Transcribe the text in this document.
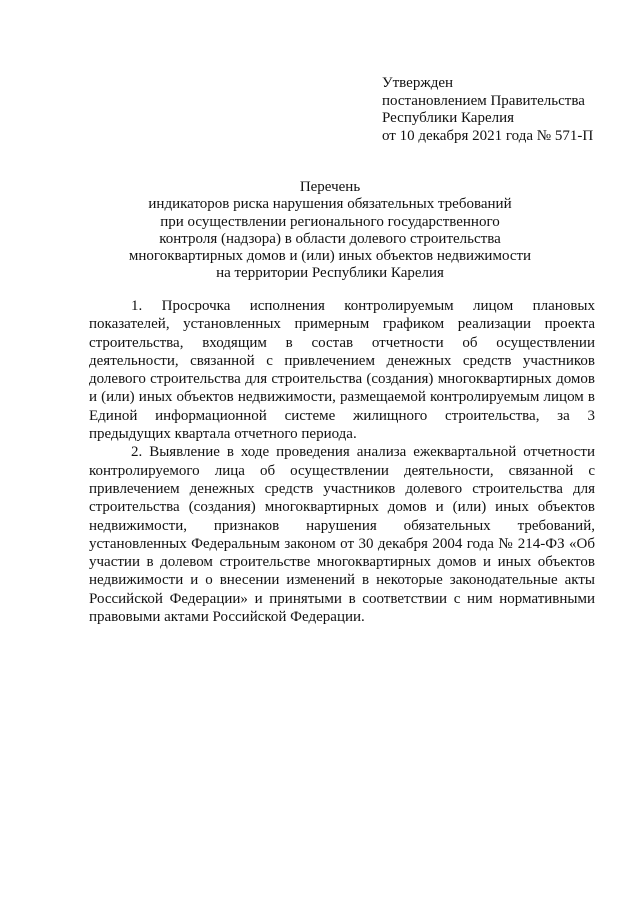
Утвержден
постановлением Правительства
Республики Карелия
от 10 декабря 2021 года № 571-П
Перечень
индикаторов риска нарушения обязательных требований
при осуществлении регионального государственного
контроля (надзора) в области долевого строительства
многоквартирных домов и (или) иных объектов недвижимости
на территории Республики Карелия

1. Просрочка исполнения контролируемым лицом плановых показателей, установленных примерным графиком реализации проекта строительства, входящим в состав отчетности об осуществлении деятельности, связанной с привлечением денежных средств участников долевого строительства для строительства (создания) многоквартирных домов и (или) иных объектов недвижимости, размещаемой контролируемым лицом в Единой информационной системе жилищного строительства, за 3 предыдущих квартала отчетного периода.

2. Выявление в ходе проведения анализа ежеквартальной отчетности контролируемого лица об осуществлении деятельности, связанной с привлечением денежных средств участников долевого строительства для строительства (создания) многоквартирных домов и (или) иных объектов недвижимости, признаков нарушения обязательных требований, установленных Федеральным законом от 30 декабря 2004 года № 214-ФЗ «Об участии в долевом строительстве многоквартирных домов и иных объектов недвижимости и о внесении изменений в некоторые законодательные акты Российской Федерации» и принятыми в соответствии с ним нормативными правовыми актами Российской Федерации.
